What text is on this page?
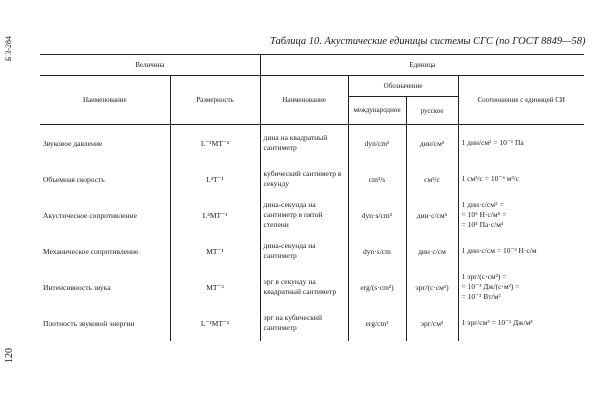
Б 3-284
120
Таблица 10. Акустические единицы системы СГС (по ГОСТ 8849—58)
Величина		Единица			
Наименование	Размерность	Наименование	Обозначение		Соотношение с единицей СИ
			международное	русское	
Звуковое давление	L⁻¹MT⁻²	дина на квадратный сантиметр	dyn/cm²	дин/см²	1 дин/см² = 10⁻¹ Па

Объемная скорость	L³T⁻¹	кубический сантиметр в секунду	cm³/s	см³/с	1 см³/с = 10⁻⁶ м³/с

Акустическое сопротивление	L⁴MT⁻¹	дина-секунда на сантиметр в пятой степени	dyn·s/cm⁵	дин·с/см⁵	1 дин·с/см⁵ =
= 10⁵ Н·с/м⁵ =
= 10⁵ Па·с/м³

Механическое сопротивление	MT⁻¹	дина-секунда на сантиметр	dyn·s/cm	дин·с/см	1 дин·с/см = 10⁻³ Н·с/м

Интенсивность звука	MT⁻³	эрг в секунду на квадратный сантиметр	erg/(s·cm²)	эрг/(с·см²)	1 эрг/(с·см²) =
= 10⁻³ Дж/(с·м²) =
= 10⁻³ Вт/м²

Плотность звуковой энергии	L⁻¹MT⁻²	эрг на кубический сантиметр	erg/cm³	эрг/см³	1 эрг/см³ = 10⁻¹ Дж/м³
